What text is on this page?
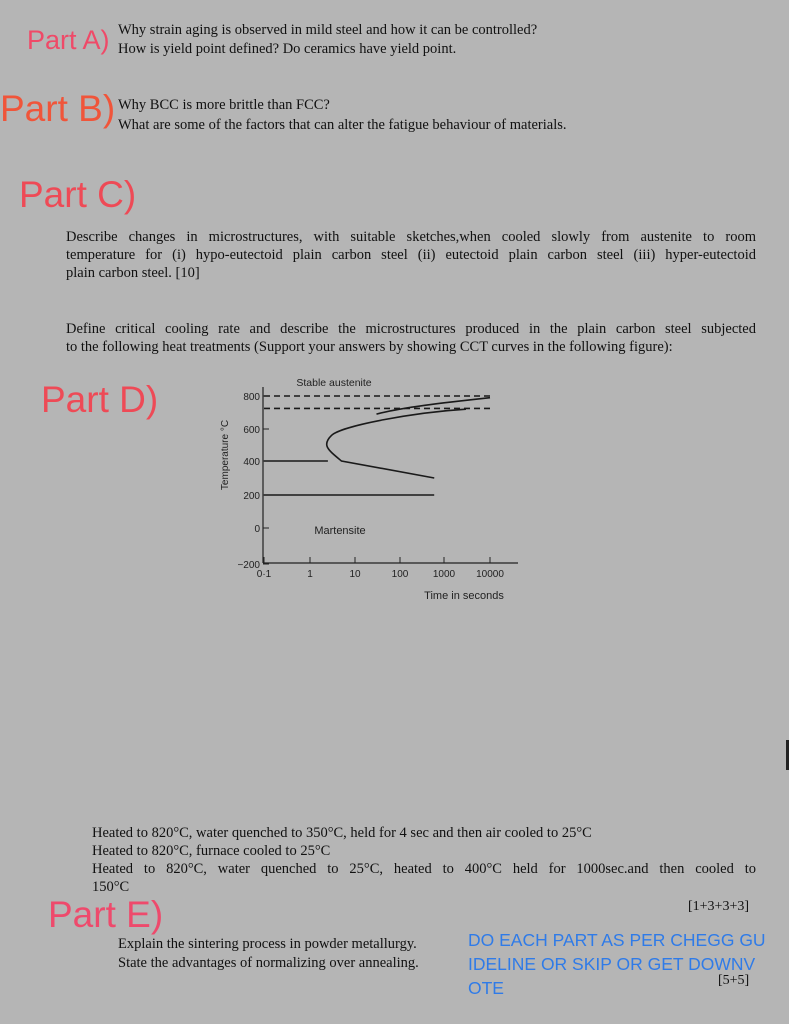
Part A) Why strain aging is observed in mild steel and how it can be controlled?
How is yield point defined? Do ceramics have yield point.
Part B) Why BCC is more brittle than FCC?
What are some of the factors that can alter the fatigue behaviour of materials.
Part C)
Describe changes in microstructures, with suitable sketches,when cooled slowly from austenite to room
temperature for (i) hypo-eutectoid plain carbon steel (ii) eutectoid plain carbon steel (iii) hyper-eutectoid
plain carbon steel. [10]
Define critical cooling rate and describe the microstructures produced in the plain carbon steel subjected
to the following heat treatments (Support your answers by showing CCT curves in the following figure):
Part D)	800
600
400
200
0
−200
0·1	1	10	100 1000 10000
Temperature °C
Time in seconds
Stable austenite
Martensite
Heated to 820°C, water quenched to 350°C, held for 4 sec and then air cooled to 25°C
Heated to 820°C, furnace cooled to 25°C
Heated to 820°C, water quenched to 25°C, heated to 400°C held for 1000sec.and then cooled to
150°C
[1+3+3+3]
Part E)
Explain the sintering process in powder metallurgy.
State the advantages of normalizing over annealing.
DO EACH PART AS PER CHEGG GU
IDELINE OR SKIP OR GET DOWNV
OTE	[5+5]
